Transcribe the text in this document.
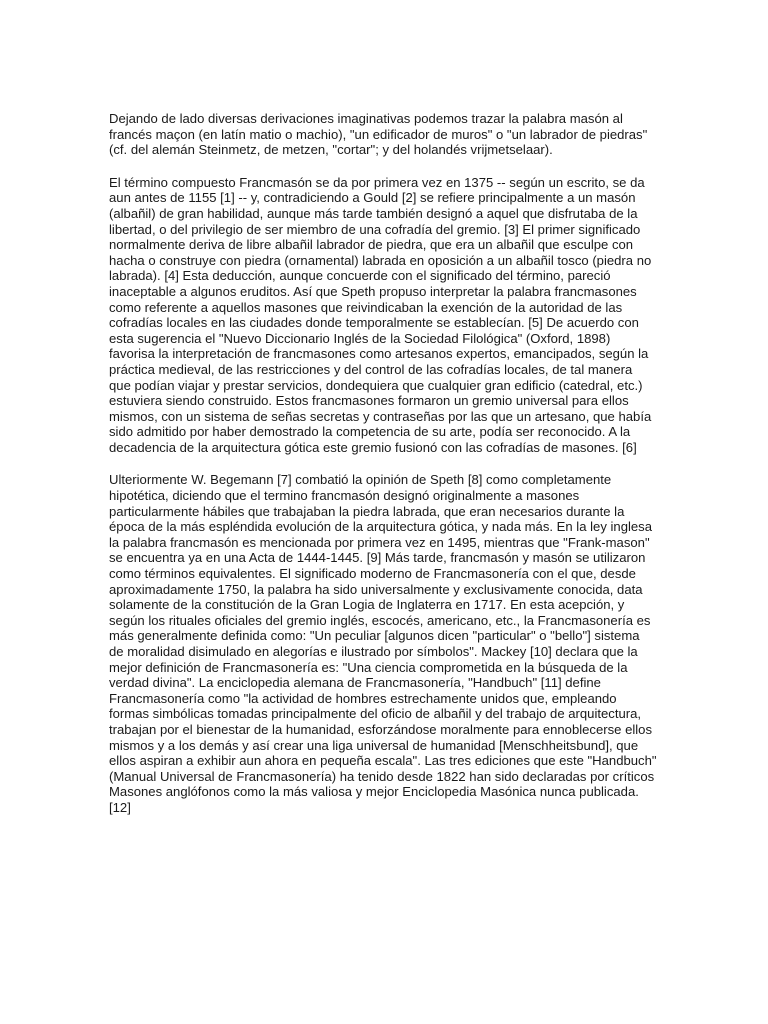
Dejando de lado diversas derivaciones imaginativas podemos trazar la palabra masón al
francés maçon (en latín matio o machio), "un edificador de muros" o "un labrador de piedras"
(cf. del alemán Steinmetz, de metzen, "cortar"; y del holandés vrijmetselaar).

El término compuesto Francmasón se da por primera vez en 1375 -- según un escrito, se da
aun antes de 1155 [1] -- y, contradiciendo a Gould [2] se refiere principalmente a un masón
(albañil) de gran habilidad, aunque más tarde también designó a aquel que disfrutaba de la
libertad, o del privilegio de ser miembro de una cofradía del gremio. [3] El primer significado
normalmente deriva de libre albañil labrador de piedra, que era un albañil que esculpe con
hacha o construye con piedra (ornamental) labrada en oposición a un albañil tosco (piedra no
labrada). [4] Esta deducción, aunque concuerde con el significado del término, pareció
inaceptable a algunos eruditos. Así que Speth propuso interpretar la palabra francmasones
como referente a aquellos masones que reivindicaban la exención de la autoridad de las
cofradías locales en las ciudades donde temporalmente se establecían. [5] De acuerdo con
esta sugerencia el "Nuevo Diccionario Inglés de la Sociedad Filológica" (Oxford, 1898)
favorisa la interpretación de francmasones como artesanos expertos, emancipados, según la
práctica medieval, de las restricciones y del control de las cofradías locales, de tal manera
que podían viajar y prestar servicios, dondequiera que cualquier gran edificio (catedral, etc.)
estuviera siendo construido. Estos francmasones formaron un gremio universal para ellos
mismos, con un sistema de señas secretas y contraseñas por las que un artesano, que había
sido admitido por haber demostrado la competencia de su arte, podía ser reconocido. A la
decadencia de la arquitectura gótica este gremio fusionó con las cofradías de masones. [6]

Ulteriormente W. Begemann [7] combatió la opinión de Speth [8] como completamente
hipotética, diciendo que el termino francmasón designó originalmente a masones
particularmente hábiles que trabajaban la piedra labrada, que eran necesarios durante la
época de la más espléndida evolución de la arquitectura gótica, y nada más. En la ley inglesa
la palabra francmasón es mencionada por primera vez en 1495, mientras que "Frank-mason"
se encuentra ya en una Acta de 1444-1445. [9] Más tarde, francmasón y masón se utilizaron
como términos equivalentes. El significado moderno de Francmasonería con el que, desde
aproximadamente 1750, la palabra ha sido universalmente y exclusivamente conocida, data
solamente de la constitución de la Gran Logia de Inglaterra en 1717. En esta acepción, y
según los rituales oficiales del gremio inglés, escocés, americano, etc., la Francmasonería es
más generalmente definida como: "Un peculiar [algunos dicen "particular" o "bello"] sistema
de moralidad disimulado en alegorías e ilustrado por símbolos". Mackey [10] declara que la
mejor definición de Francmasonería es: "Una ciencia comprometida en la búsqueda de la
verdad divina". La enciclopedia alemana de Francmasonería, "Handbuch" [11] define
Francmasonería como "la actividad de hombres estrechamente unidos que, empleando
formas simbólicas tomadas principalmente del oficio de albañil y del trabajo de arquitectura,
trabajan por el bienestar de la humanidad, esforzándose moralmente para ennoblecerse ellos
mismos y a los demás y así crear una liga universal de humanidad [Menschheitsbund], que
ellos aspiran a exhibir aun ahora en pequeña escala". Las tres ediciones que este "Handbuch"
(Manual Universal de Francmasonería) ha tenido desde 1822 han sido declaradas por críticos
Masones anglófonos como la más valiosa y mejor Enciclopedia Masónica nunca publicada.
[12]
